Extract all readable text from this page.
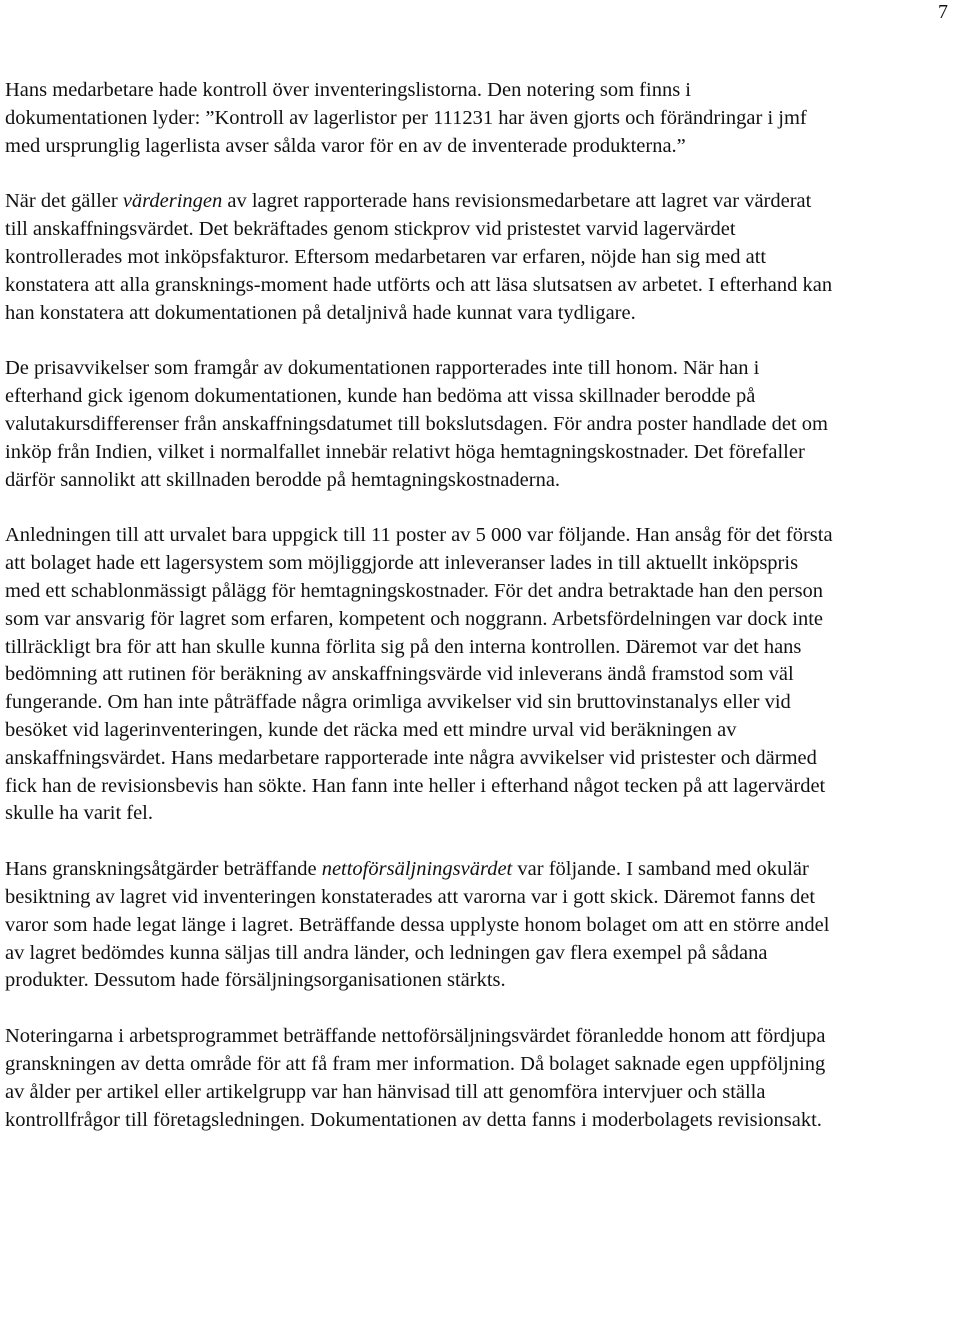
7

Hans medarbetare hade kontroll över inventeringslistorna. Den notering som finns i dokumentationen lyder: ”Kontroll av lagerlistor per 111231 har även gjorts och förändringar i jmf med ursprunglig lagerlista avser sålda varor för en av de inventerade produkterna.”

När det gäller värderingen av lagret rapporterade hans revisionsmedarbetare att lagret var värderat till anskaffningsvärdet. Det bekräftades genom stickprov vid pristestet varvid lagervärdet kontrollerades mot inköpsfakturor. Eftersom medarbetaren var erfaren, nöjde han sig med att konstatera att alla gransknings-moment hade utförts och att läsa slutsatsen av arbetet. I efterhand kan han konstatera att dokumentationen på detaljnivå hade kunnat vara tydligare.

De prisavvikelser som framgår av dokumentationen rapporterades inte till honom. När han i efterhand gick igenom dokumentationen, kunde han bedöma att vissa skillnader berodde på valutakursdifferenser från anskaffningsdatumet till bokslutsdagen. För andra poster handlade det om inköp från Indien, vilket i normalfallet innebär relativt höga hemtagningskostnader. Det förefaller därför sannolikt att skillnaden berodde på hemtagningskostnaderna.

Anledningen till att urvalet bara uppgick till 11 poster av 5 000 var följande. Han ansåg för det första att bolaget hade ett lagersystem som möjliggjorde att inleveranser lades in till aktuellt inköpspris med ett schablonmässigt pålägg för hemtagningskostnader. För det andra betraktade han den person som var ansvarig för lagret som erfaren, kompetent och noggrann. Arbetsfördelningen var dock inte tillräckligt bra för att han skulle kunna förlita sig på den interna kontrollen. Däremot var det hans bedömning att rutinen för beräkning av anskaffningsvärde vid inleverans ändå framstod som väl fungerande. Om han inte påträffade några orimliga avvikelser vid sin bruttovinstanalys eller vid besöket vid lagerinventeringen, kunde det räcka med ett mindre urval vid beräkningen av anskaffningsvärdet. Hans medarbetare rapporterade inte några avvikelser vid pristester och därmed fick han de revisionsbevis han sökte. Han fann inte heller i efterhand något tecken på att lagervärdet skulle ha varit fel.

Hans granskningsåtgärder beträffande nettoförsäljningsvärdet var följande. I samband med okulär besiktning av lagret vid inventeringen konstaterades att varorna var i gott skick. Däremot fanns det varor som hade legat länge i lagret. Beträffande dessa upplyste honom bolaget om att en större andel av lagret bedömdes kunna säljas till andra länder, och ledningen gav flera exempel på sådana produkter. Dessutom hade försäljningsorganisationen stärkts.

Noteringarna i arbetsprogrammet beträffande nettoförsäljningsvärdet föranledde honom att fördjupa granskningen av detta område för att få fram mer information. Då bolaget saknade egen uppföljning av ålder per artikel eller artikelgrupp var han hänvisad till att genomföra intervjuer och ställa kontrollfrågor till företagsledningen. Dokumentationen av detta fanns i moderbolagets revisionsakt.
